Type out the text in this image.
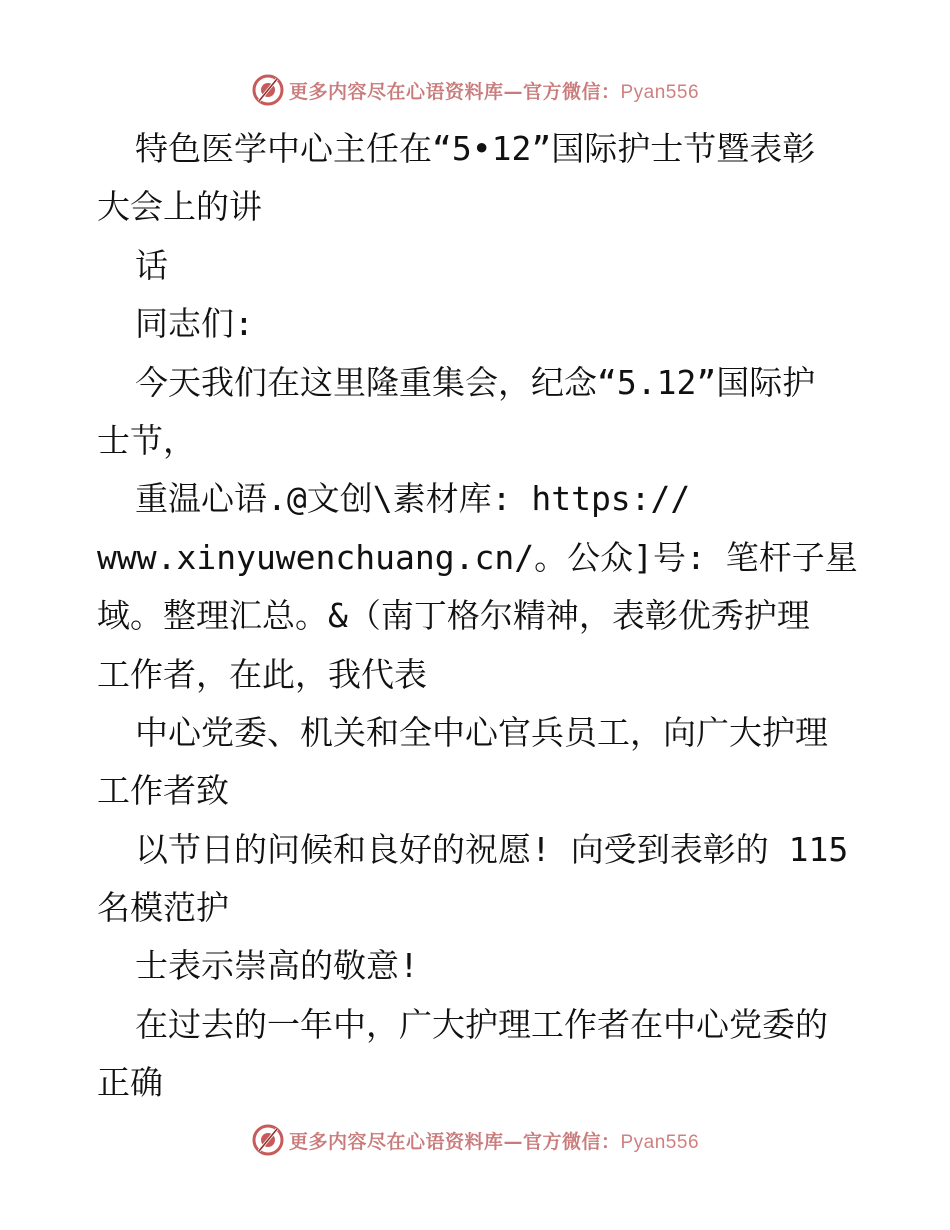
更多内容尽在心语资料库—官方微信：Pyan556
特色医学中心主任在“5•12”国际护士节暨表彰
大会上的讲
话
同志们:
今天我们在这里隆重集会，纪念“5.12”国际护
士节，
重温心语.@文创\素材库: https://
www.xinyuwenchuang.cn/。公众]号: 笔杆子星
域。整理汇总。&（南丁格尔精神，表彰优秀护理
工作者，在此，我代表
中心党委、机关和全中心官兵员工，向广大护理
工作者致
以节日的问候和良好的祝愿! 向受到表彰的 115
名模范护
士表示崇高的敬意!
在过去的一年中，广大护理工作者在中心党委的
正确
更多内容尽在心语资料库—官方微信：Pyan556
